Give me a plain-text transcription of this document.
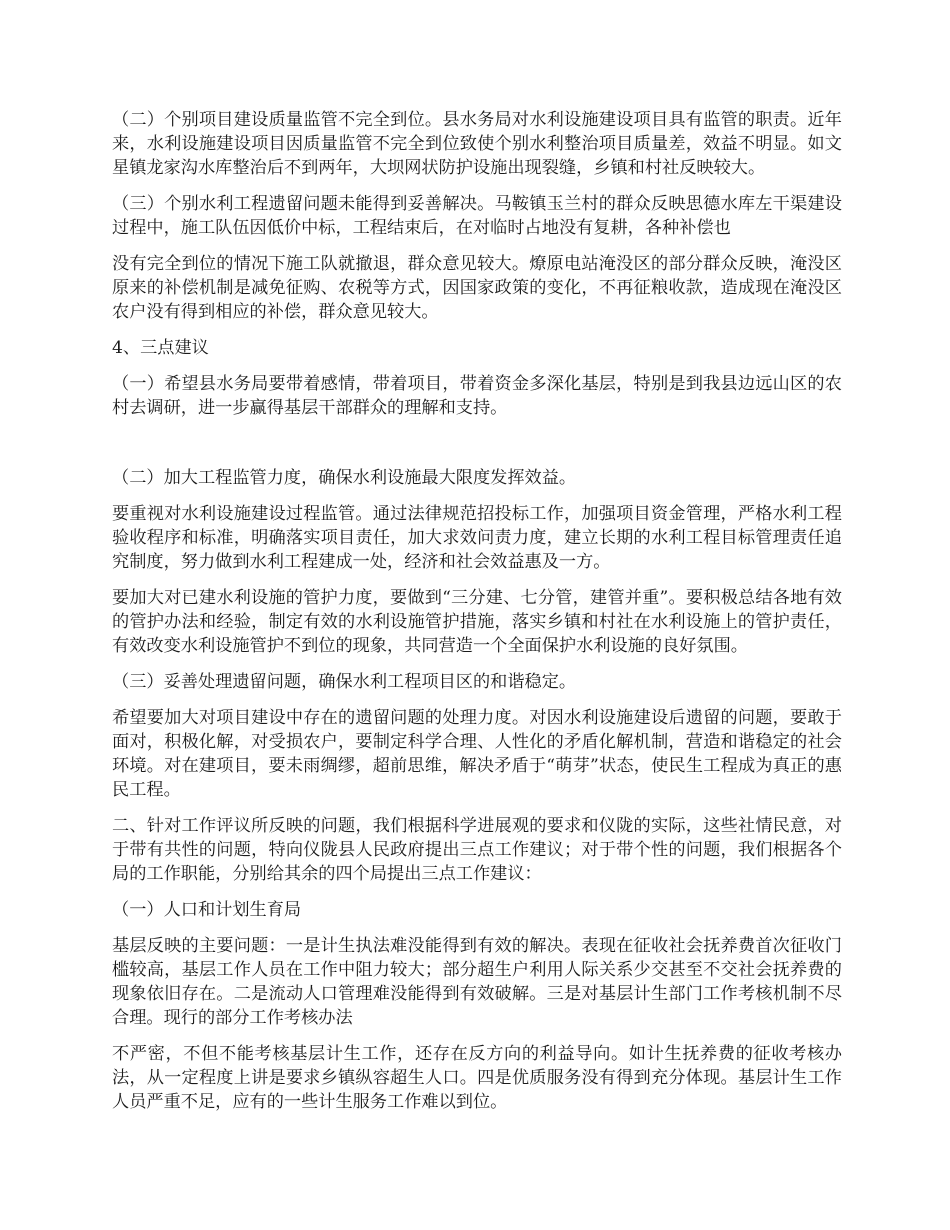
（二）个别项目建设质量监管不完全到位。县水务局对水利设施建设项目具有监管的职责。近年来，水利设施建设项目因质量监管不完全到位致使个别水利整治项目质量差，效益不明显。如文星镇龙家沟水库整治后不到两年，大坝网状防护设施出现裂缝，乡镇和村社反映较大。

（三）个别水利工程遗留问题未能得到妥善解决。马鞍镇玉兰村的群众反映思德水库左干渠建设过程中，施工队伍因低价中标，工程结束后，在对临时占地没有复耕，各种补偿也

没有完全到位的情况下施工队就撤退，群众意见较大。燎原电站淹没区的部分群众反映，淹没区原来的补偿机制是减免征购、农税等方式，因国家政策的变化，不再征粮收款，造成现在淹没区农户没有得到相应的补偿，群众意见较大。

4、三点建议

（一）希望县水务局要带着感情，带着项目，带着资金多深化基层，特别是到我县边远山区的农村去调研，进一步赢得基层干部群众的理解和支持。

（二）加大工程监管力度，确保水利设施最大限度发挥效益。

要重视对水利设施建设过程监管。通过法律规范招投标工作，加强项目资金管理，严格水利工程验收程序和标准，明确落实项目责任，加大求效问责力度，建立长期的水利工程目标管理责任追究制度，努力做到水利工程建成一处，经济和社会效益惠及一方。

要加大对已建水利设施的管护力度，要做到“三分建、七分管，建管并重”。要积极总结各地有效的管护办法和经验，制定有效的水利设施管护措施，落实乡镇和村社在水利设施上的管护责任，有效改变水利设施管护不到位的现象，共同营造一个全面保护水利设施的良好氛围。

（三）妥善处理遗留问题，确保水利工程项目区的和谐稳定。

希望要加大对项目建设中存在的遗留问题的处理力度。对因水利设施建设后遗留的问题，要敢于面对，积极化解，对受损农户，要制定科学合理、人性化的矛盾化解机制，营造和谐稳定的社会环境。对在建项目，要未雨绸缪，超前思维，解决矛盾于“萌芽”状态，使民生工程成为真正的惠民工程。

二、针对工作评议所反映的问题，我们根据科学进展观的要求和仪陇的实际，这些社情民意，对于带有共性的问题，特向仪陇县人民政府提出三点工作建议；对于带个性的问题，我们根据各个局的工作职能，分别给其余的四个局提出三点工作建议：

（一）人口和计划生育局

基层反映的主要问题：一是计生执法难没能得到有效的解决。表现在征收社会抚养费首次征收门槛较高，基层工作人员在工作中阻力较大；部分超生户利用人际关系少交甚至不交社会抚养费的现象依旧存在。二是流动人口管理难没能得到有效破解。三是对基层计生部门工作考核机制不尽合理。现行的部分工作考核办法

不严密，不但不能考核基层计生工作，还存在反方向的利益导向。如计生抚养费的征收考核办法，从一定程度上讲是要求乡镇纵容超生人口。四是优质服务没有得到充分体现。基层计生工作人员严重不足，应有的一些计生服务工作难以到位。
